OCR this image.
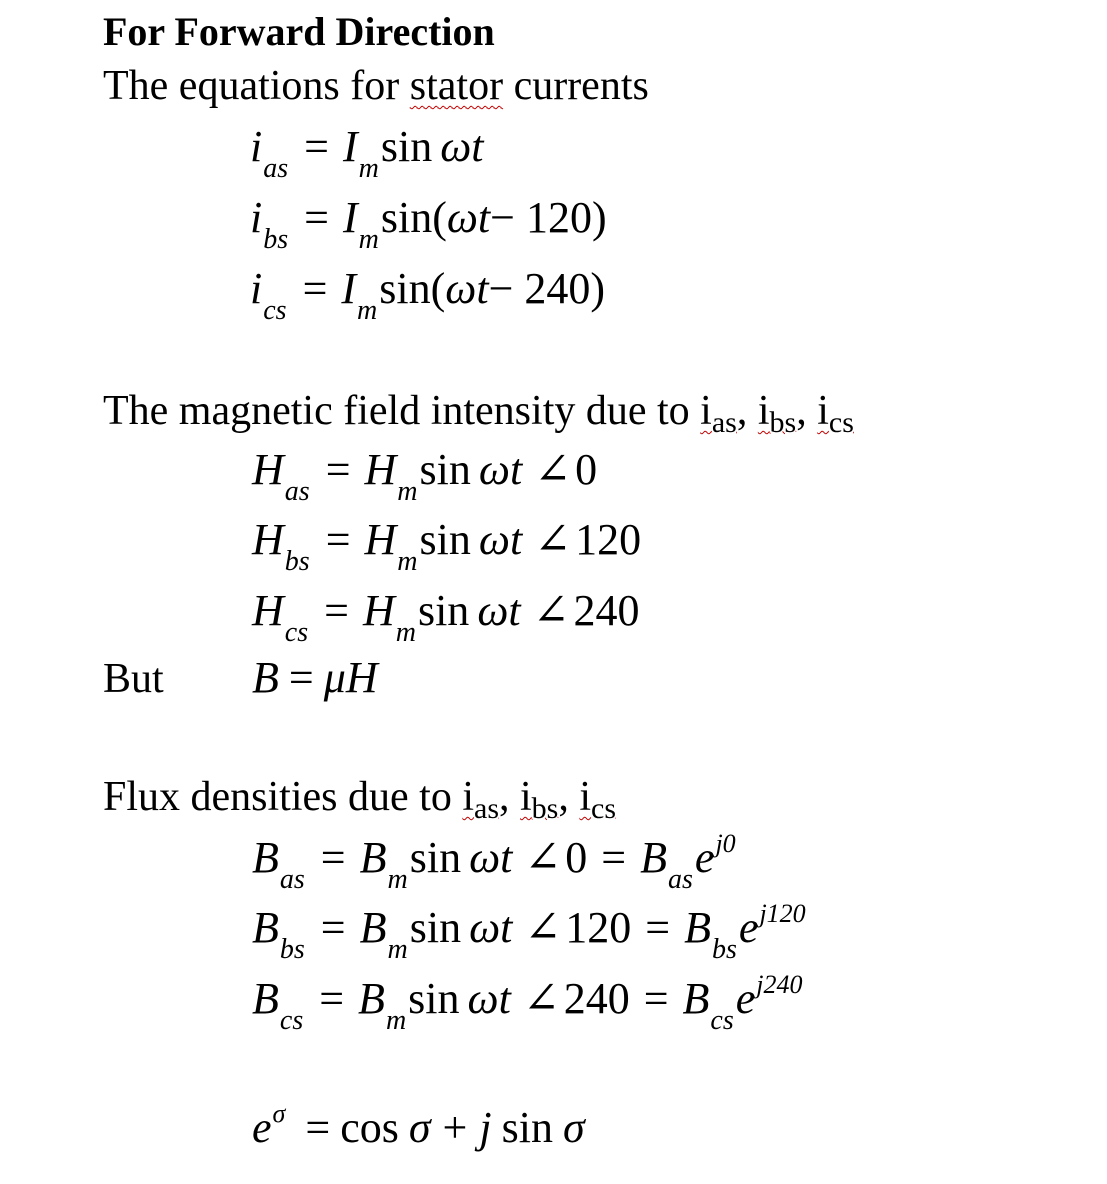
For Forward Direction
The equations for stator currents
i as = I m sin ωt
i bs = I m sin( ωt − 120)
i cs = I m sin( ωt − 240)
The magnetic field intensity due to ias, ibs, ics
H as = H m sin ωt ∠ 0
H bs = H m sin ωt ∠ 120
H cs = H m sin ωt ∠ 240
But B = μ H
Flux densities due to ias, ibs, ics
B as = B m sin ωt ∠ 0 = B as e j0
B bs = B m sin ωt ∠ 120 = B bs e j120
B cs = B m sin ωt ∠ 240 = B cs e j240
e σ = cos σ + j sin σ
